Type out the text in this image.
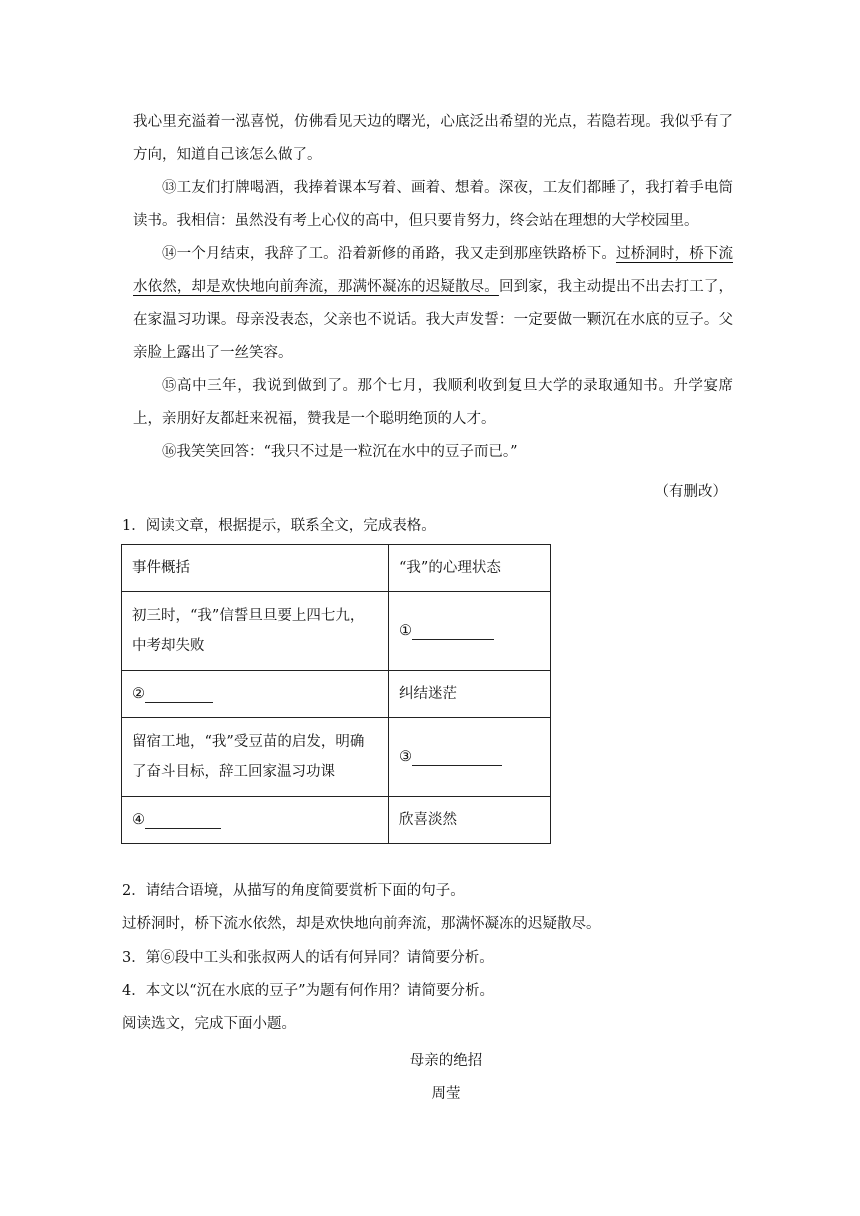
我心里充溢着一泓喜悦，仿佛看见天边的曙光，心底泛出希望的光点，若隐若现。我似乎有了方向，知道自己该怎么做了。

⑬工友们打牌喝酒，我捧着课本写着、画着、想着。深夜，工友们都睡了，我打着手电筒读书。我相信：虽然没有考上心仪的高中，但只要肯努力，终会站在理想的大学校园里。

⑭一个月结束，我辞了工。沿着新修的甬路，我又走到那座铁路桥下。过桥洞时，桥下流水依然，却是欢快地向前奔流，那满怀凝冻的迟疑散尽。回到家，我主动提出不出去打工了，在家温习功课。母亲没表态，父亲也不说话。我大声发誓：一定要做一颗沉在水底的豆子。父亲脸上露出了一丝笑容。

⑮高中三年，我说到做到了。那个七月，我顺利收到复旦大学的录取通知书。升学宴席上，亲朋好友都赶来祝福，赞我是一个聪明绝顶的人才。

⑯我笑笑回答：“我只不过是一粒沉在水中的豆子而已。”

（有删改）

1．阅读文章，根据提示，联系全文，完成表格。

事件概括	“我”的心理状态
初三时，“我”信誓旦旦要上四七九，中考却失败	①
②	纠结迷茫
留宿工地，“我”受豆苗的启发，明确了奋斗目标，辞工回家温习功课	③
④	欣喜淡然

2．请结合语境，从描写的角度简要赏析下面的句子。

过桥洞时，桥下流水依然，却是欢快地向前奔流，那满怀凝冻的迟疑散尽。

3．第⑥段中工头和张叔两人的话有何异同？请简要分析。

4．本文以“沉在水底的豆子”为题有何作用？请简要分析。

阅读选文，完成下面小题。

母亲的绝招
周莹
